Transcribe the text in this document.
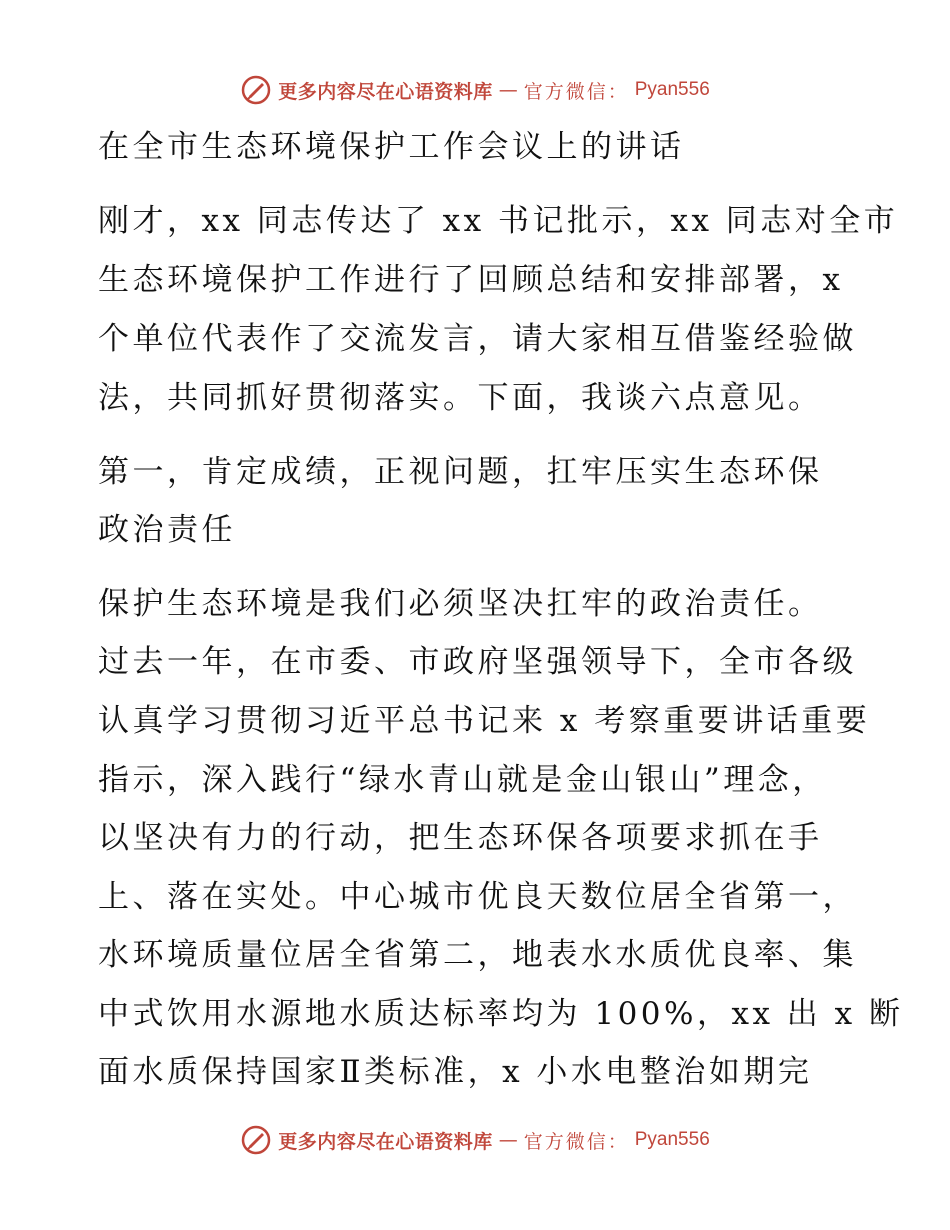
更多内容尽在心语资料库 — 官方微信： Pyan556
在全市生态环境保护工作会议上的讲话
刚才，xx 同志传达了 xx 书记批示，xx 同志对全市
生态环境保护工作进行了回顾总结和安排部署，x
个单位代表作了交流发言，请大家相互借鉴经验做
法，共同抓好贯彻落实。下面，我谈六点意见。
第一，肯定成绩，正视问题，扛牢压实生态环保
政治责任
保护生态环境是我们必须坚决扛牢的政治责任。
过去一年，在市委、市政府坚强领导下，全市各级
认真学习贯彻习近平总书记来 x 考察重要讲话重要
指示，深入践行“绿水青山就是金山银山”理念，
以坚决有力的行动，把生态环保各项要求抓在手
上、落在实处。中心城市优良天数位居全省第一，
水环境质量位居全省第二，地表水水质优良率、集
中式饮用水源地水质达标率均为 100%，xx 出 x 断
面水质保持国家Ⅱ类标准，x 小水电整治如期完
更多内容尽在心语资料库 — 官方微信： Pyan556
